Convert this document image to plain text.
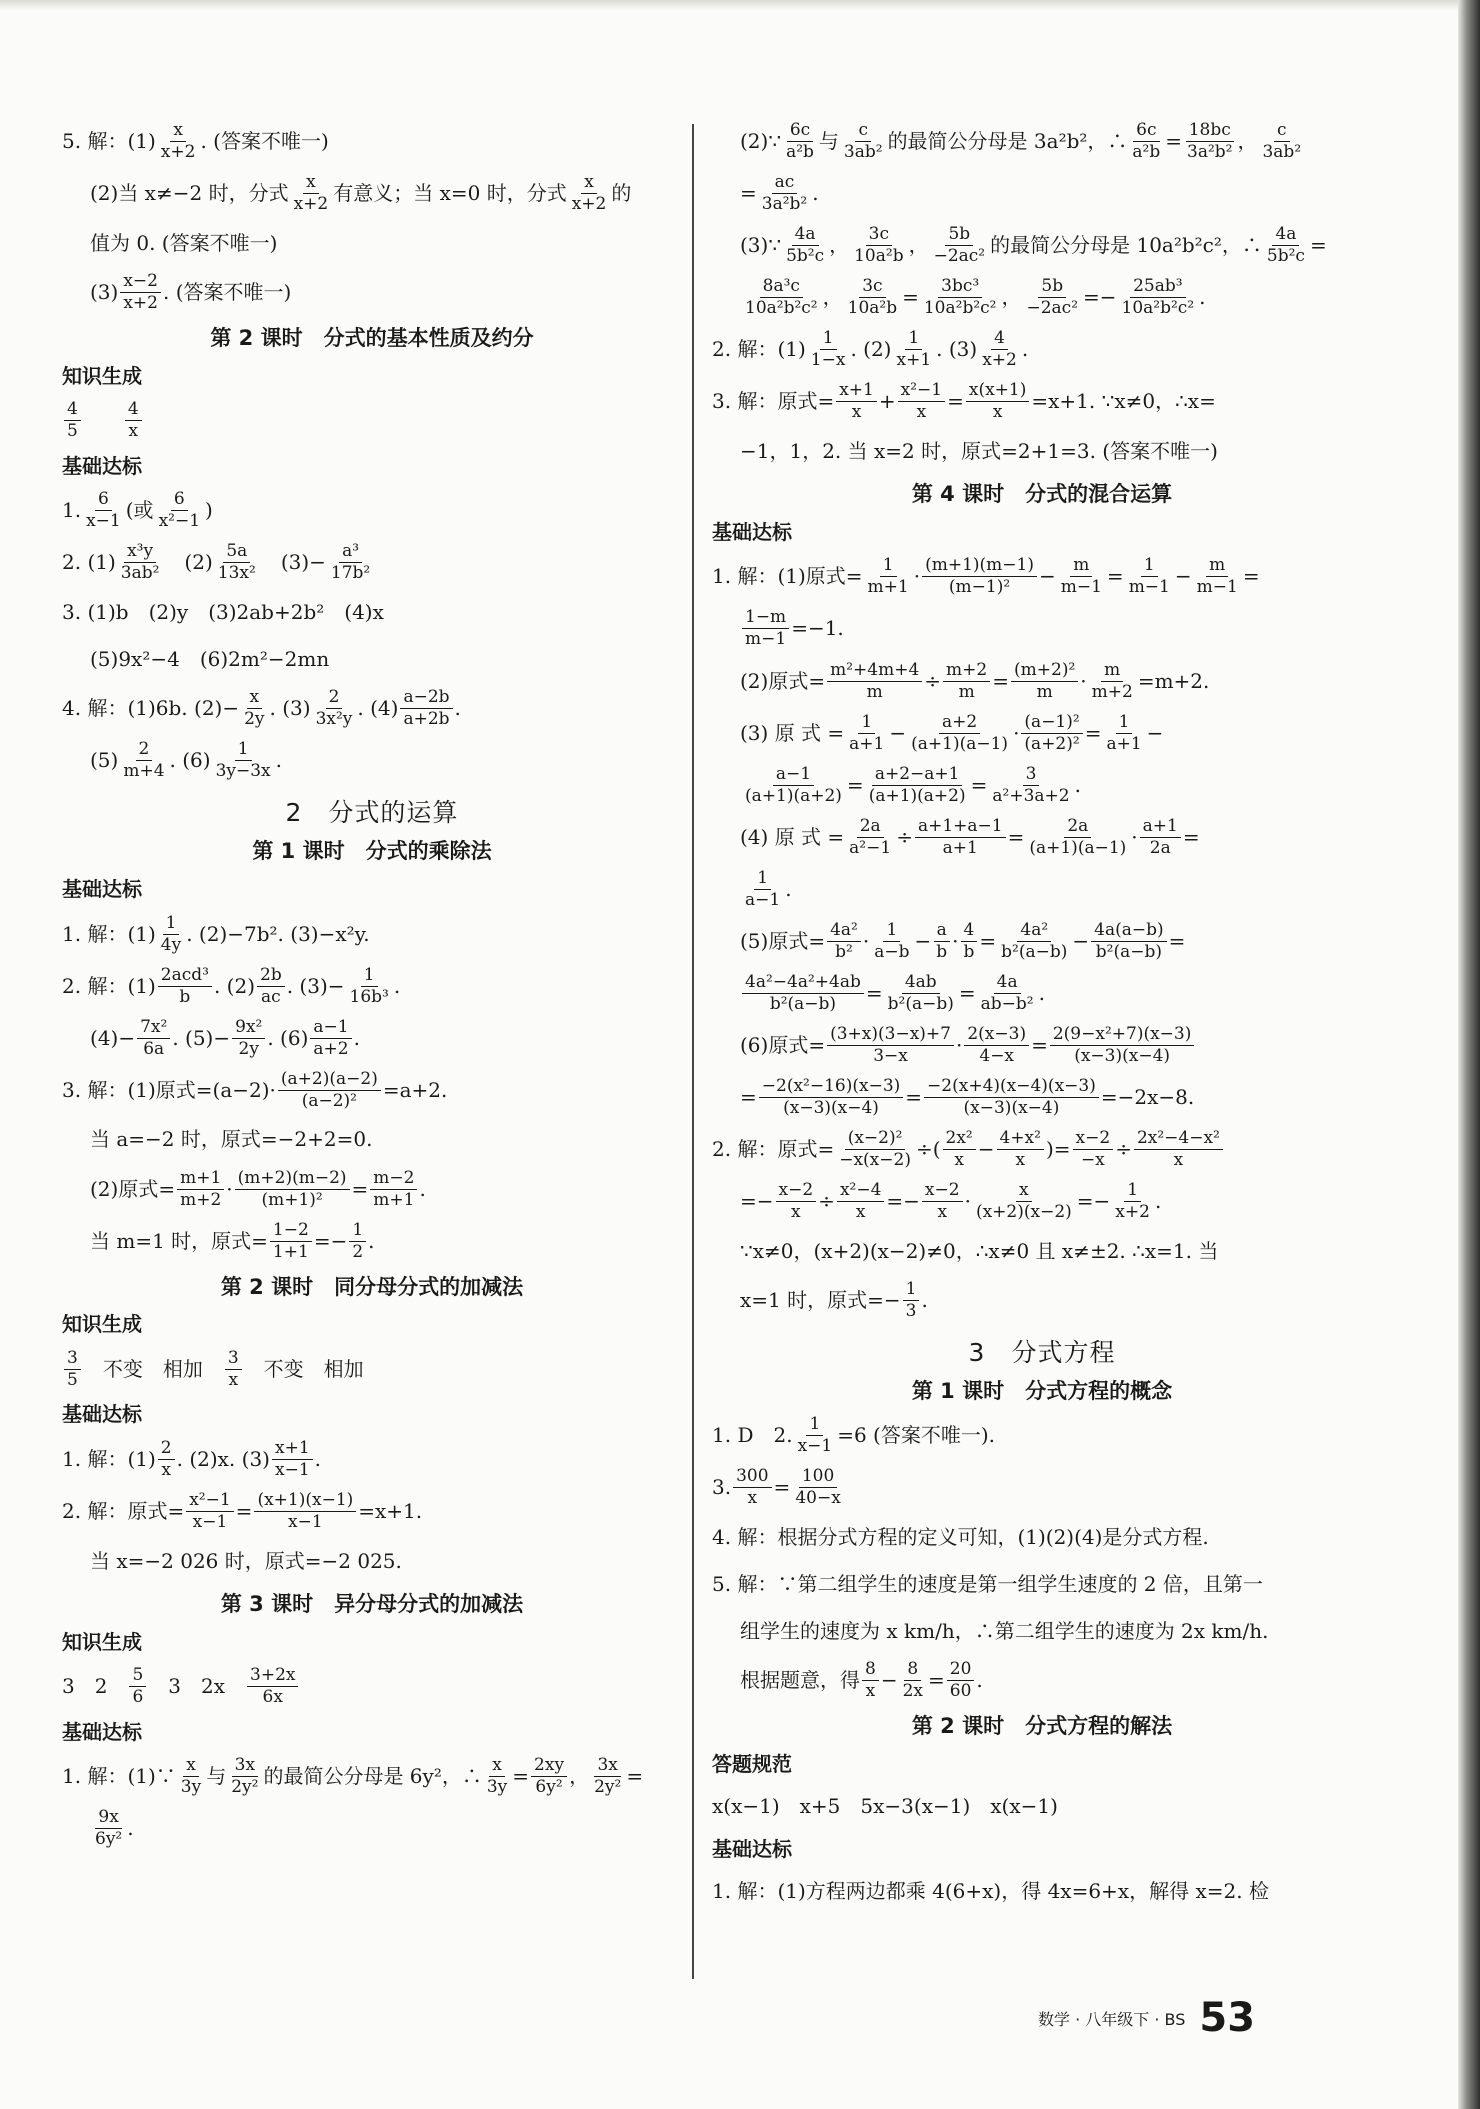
5. 解：$(1) \frac{x}{x+2}$ . (答案不唯一)
(2)当 x≠−2 时，分式 $\frac{x}{x+2}$ 有意义；当 x=0 时，分式 $\frac{x}{x+2}$ 的
值为 0. (答案不唯一)
$(3) \frac{x-2}{x+2}$ . (答案不唯一)
第 2 课时　分式的基本性质及约分
知识生成
$\frac{4}{5}$	$\frac{4}{x}$
基础达标
1. $\frac{6}{x-1}$ (或 $\frac{6}{\text{x²−1}}$ )
2. $(1) \frac{\text{x³y}}{\text{3ab²}}$ 　$(2) \frac{5a}{\text{13x²}}$ 　$(3)- \frac{\text{a³}}{\text{17b²}}$
3. (1)b　(2)y　(3)2ab+2b²　(4)x
(5)9x²−4　(6)2m²−2mn
4. 解：(1)6b. $(2)- \frac{x}{2y}$ . $(3) \frac{2}{\text{3x²y}}$ . $(4) \frac{a-2b}{a+2b}$ .
$(5) \frac{2}{m+4}$ . $(6) \frac{1}{3y-3x}$ .
2　分式的运算
第 1 课时　分式的乘除法
基础达标
1. 解：$(1) \frac{1}{4y}$ . (2)−7b². (3)−x²y.
2. 解：$(1) \frac{\text{2acd³}}{b}$ . $(2) \frac{2b}{ac}$ . $(3)- \frac{1}{\text{16b³}}$ .
$(4)- \frac{\text{7x²}}{6a}$ . $(5)- \frac{\text{9x²}}{2y}$ . $(6) \frac{a-1}{a+2}$ .
3. 解：(1)原式$=(a-2)\cdot \frac{(a+2)(a-2)}{\text{(a−2)²}} =a+2$.
当 a=−2 时，原式=−2+2=0.
(2)原式= $\frac{m+1}{m+2} \cdot \frac{(m+2)(m-2)}{\text{(m+1)²}} = \frac{m-2}{m+1}$ .
当 m=1 时，原式= $\frac{1-2}{1+1} =- \frac{1}{2}$ .
第 2 课时　同分母分式的加减法
知识生成
$\frac{3}{5}$ 　不变　相加　 $\frac{3}{x}$ 　不变　相加
基础达标
1. 解：$(1) \frac{2}{x}$ . (2)x. $(3) \frac{x+1}{x-1}$ .
2. 解：原式= $\frac{\text{x²−1}}{x-1} = \frac{(x+1)(x-1)}{x-1} =x+1$.
当 x=−2 026 时，原式=−2 025.
第 3 课时　异分母分式的加减法
知识生成
3　2　 $\frac{5}{6}$ 　3　2x　 $\frac{3+2x}{6x}$
基础达标
1. 解：(1)∵ $\frac{x}{3y}$ 与 $\frac{3x}{\text{2y²}}$ 的最简公分母是 6y²，∴ $\frac{x}{3y} = \frac{2xy}{\text{6y²}}$ ， $\frac{3x}{\text{2y²}}$ =
$\frac{9x}{\text{6y²}}$ .
(2)∵ $\frac{6c}{\text{a²b}}$ 与 $\frac{c}{\text{3ab²}}$ 的最简公分母是 3a²b²，∴ $\frac{6c}{\text{a²b}} = \frac{18bc}{\text{3a²b²}}$ ， $\frac{c}{\text{3ab²}}$
= $\frac{ac}{\text{3a²b²}}$ .
(3)∵ $\frac{4a}{\text{5b²c}}$ ， $\frac{3c}{\text{10a²b}}$ ， $\frac{5b}{\text{−2ac²}}$ 的最简公分母是 10a²b²c²，∴ $\frac{4a}{\text{5b²c}}$ =
$\frac{\text{8a³c}}{\text{10a²b²c²}}$ ， $\frac{3c}{\text{10a²b}} = \frac{\text{3bc³}}{\text{10a²b²c²}}$ ， $\frac{5b}{\text{−2ac²}} =- \frac{\text{25ab³}}{\text{10a²b²c²}}$ .
2. 解：$(1) \frac{1}{1-x}$ . $(2) \frac{1}{x+1}$ . $(3) \frac{4}{x+2}$ .
3. 解：原式= $\frac{x+1}{x} + \frac{\text{x²−1}}{x} = \frac{x(x+1)}{x} =x+1$. ∵x≠0，∴x=
−1，1，2. 当 x=2 时，原式=2+1=3. (答案不唯一)
第 4 课时　分式的混合运算
基础达标
1. 解：(1)原式= $\frac{1}{m+1} \cdot \frac{(m+1)(m-1)}{\text{(m−1)²}} - \frac{m}{m-1} = \frac{1}{m-1} - \frac{m}{m-1}$ =
$\frac{1-m}{m-1} =-1$.
(2)原式= $\frac{\text{m²+4m+4}}{m} \div \frac{m+2}{m} = \frac{\text{(m+2)²}}{m} \cdot \frac{m}{m+2} =m+2$.
(3) 原 式 = $\frac{1}{a+1} - \frac{a+2}{(a+1)(a-1)} \cdot \frac{\text{(a−1)²}}{\text{(a+2)²}} = \frac{1}{a+1}$ −
$\frac{a-1}{(a+1)(a+2)} = \frac{a+2-a+1}{(a+1)(a+2)} = \frac{3}{\text{a²+3a+2}}$ .
(4) 原 式 = $\frac{2a}{\text{a²−1}} \div \frac{a+1+a-1}{a+1} = \frac{2a}{(a+1)(a-1)} \cdot \frac{a+1}{2a}$ =
$\frac{1}{a-1}$ .
(5)原式= $\frac{\text{4a²}}{\text{b²}} \cdot \frac{1}{a-b} - \frac{a}{b} \cdot \frac{4}{b} = \frac{\text{4a²}}{\text{b²(a−b)}} - \frac{4a(a-b)}{\text{b²(a−b)}}$ =
$\frac{\text{4a²−4a²+4ab}}{\text{b²(a−b)}} = \frac{4ab}{\text{b²(a−b)}} = \frac{4a}{\text{ab−b²}}$ .
(6)原式= $\frac{(3+x)(3-x)+7}{3-x} \cdot \frac{2(x-3)}{4-x} = \frac{\text{2(9−x²+7)(x−3)}}{(x-3)(x-4)}$
= $\frac{\text{−2(x²−16)(x−3)}}{(x-3)(x-4)} = \frac{-2(x+4)(x-4)(x-3)}{(x-3)(x-4)} =-2x-8$.
2. 解：原式= $\frac{\text{(x−2)²}}{-x(x-2)}$ ÷( $\frac{\text{2x²}}{x} - \frac{\text{4+x²}}{x}$ )= $\frac{x-2}{-x} \div \frac{\text{2x²−4−x²}}{x}$
=− $\frac{x-2}{x} \div \frac{\text{x²−4}}{x} =- \frac{x-2}{x} \cdot \frac{x}{(x+2)(x-2)} =- \frac{1}{x+2}$ .
∵x≠0，(x+2)(x−2)≠0，∴x≠0 且 x≠±2. ∴x=1. 当
x=1 时，原式=− $\frac{1}{3}$ .
3　分式方程
第 1 课时　分式方程的概念
1. D　2. $\frac{1}{x-1} =6$ (答案不唯一).
3. $\frac{300}{x} = \frac{100}{40-x}$
4. 解：根据分式方程的定义可知，(1)(2)(4)是分式方程.
5. 解：∵第二组学生的速度是第一组学生速度的 2 倍，且第一
组学生的速度为 x km/h，∴第二组学生的速度为 2x km/h.
根据题意，得 $\frac{8}{x} - \frac{8}{2x} = \frac{20}{60}$ .
第 2 课时　分式方程的解法
答题规范
x(x−1)　x+5　5x−3(x−1)　x(x−1)
基础达标
1. 解：(1)方程两边都乘 4(6+x)，得 4x=6+x，解得 x=2. 检
数学 · 八年级下 · BS 53
